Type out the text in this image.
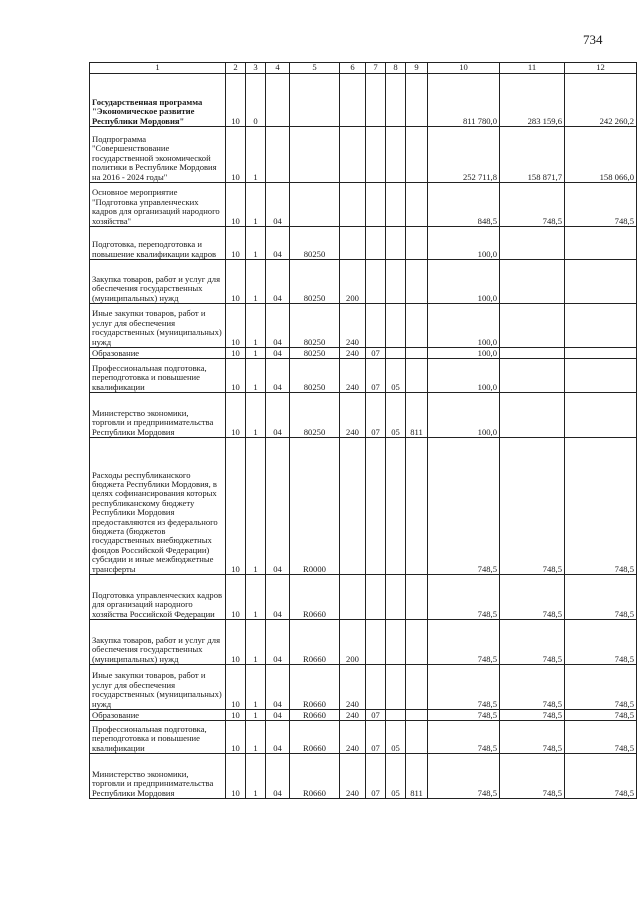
734
1	2	3	4	5	6	7	8	9	10	11	12
Государственная программа "Экономическое развитие Республики Мордовия"	10	0							811 780,0	283 159,6	242 260,2
Подпрограмма "Совершенствование государственной экономической политики в Республике Мордовия на 2016 - 2024 годы"	10	1							252 711,8	158 871,7	158 066,0
Основное мероприятие "Подготовка управленческих кадров для организаций народного хозяйства"	10	1	04						848,5	748,5	748,5
Подготовка, переподготовка и повышение квалификации кадров	10	1	04	80250					100,0		
Закупка товаров, работ и услуг для обеспечения государственных (муниципальных) нужд	10	1	04	80250	200				100,0		
Иные закупки товаров, работ и услуг для обеспечения государственных (муниципальных) нужд	10	1	04	80250	240				100,0		
Образование	10	1	04	80250	240	07			100,0		
Профессиональная подготовка, переподготовка и повышение квалификации	10	1	04	80250	240	07	05		100,0		
Министерство экономики, торговли и предпринимательства Республики Мордовия	10	1	04	80250	240	07	05	811	100,0		
Расходы республиканского бюджета Республики Мордовия, в целях софинансирования которых республиканскому бюджету Республики Мордовия предоставляются из федерального бюджета (бюджетов государственных внебюджетных фондов Российской Федерации) субсидии и иные межбюджетные трансферты	10	1	04	R0000					748,5	748,5	748,5
Подготовка управленческих кадров для организаций народного хозяйства Российской Федерации	10	1	04	R0660					748,5	748,5	748,5
Закупка товаров, работ и услуг для обеспечения государственных (муниципальных) нужд	10	1	04	R0660	200				748,5	748,5	748,5
Иные закупки товаров, работ и услуг для обеспечения государственных (муниципальных) нужд	10	1	04	R0660	240				748,5	748,5	748,5
Образование	10	1	04	R0660	240	07			748,5	748,5	748,5
Профессиональная подготовка, переподготовка и повышение квалификации	10	1	04	R0660	240	07	05		748,5	748,5	748,5
Министерство экономики, торговли и предпринимательства Республики Мордовия	10	1	04	R0660	240	07	05	811	748,5	748,5	748,5
